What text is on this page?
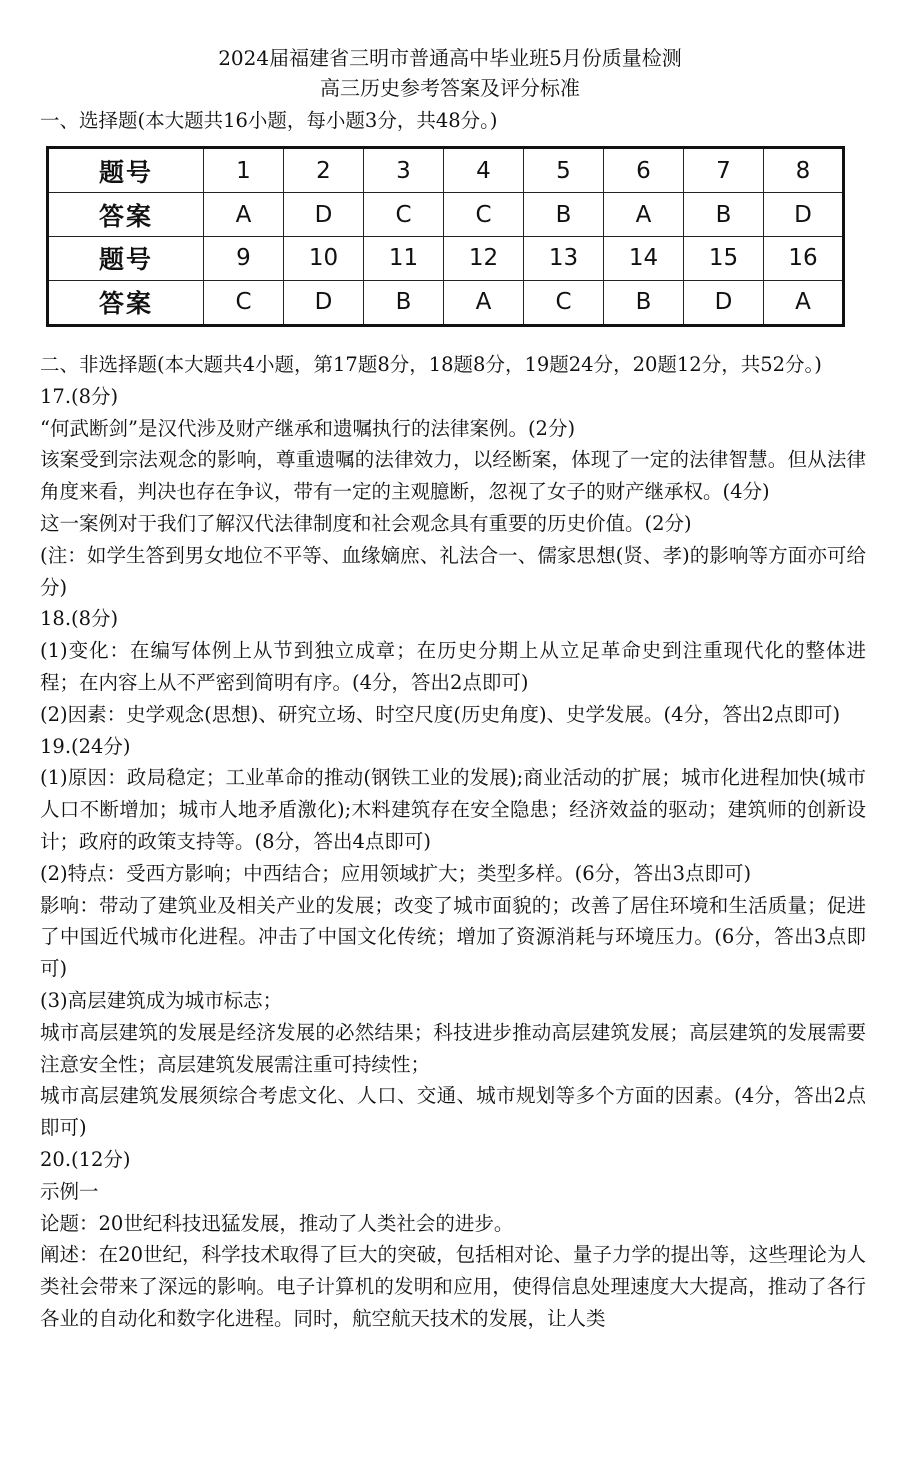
2024届福建省三明市普通高中毕业班5月份质量检测
高三历史参考答案及评分标准
一、选择题(本大题共16小题，每小题3分，共48分。)
题号	1	2	3	4	5	6	7	8
答案	A	D	C	C	B	A	B	D
题号	9	10	11	12	13	14	15	16
答案	C	D	B	A	C	B	D	A

二、非选择题(本大题共4小题，第17题8分，18题8分，19题24分，20题12分，共52分。)

17.(8分)

“何武断剑”是汉代涉及财产继承和遗嘱执行的法律案例。(2分)

该案受到宗法观念的影响，尊重遗嘱的法律效力，以经断案，体现了一定的法律智慧。但从法律角度来看，判决也存在争议，带有一定的主观臆断，忽视了女子的财产继承权。(4分)

这一案例对于我们了解汉代法律制度和社会观念具有重要的历史价值。(2分)

(注：如学生答到男女地位不平等、血缘嫡庶、礼法合一、儒家思想(贤、孝)的影响等方面亦可给分)

18.(8分)

(1)变化：在编写体例上从节到独立成章；在历史分期上从立足革命史到注重现代化的整体进程；在内容上从不严密到简明有序。(4分，答出2点即可)

(2)因素：史学观念(思想)、研究立场、时空尺度(历史角度)、史学发展。(4分，答出2点即可)

19.(24分)

(1)原因：政局稳定；工业革命的推动(钢铁工业的发展);商业活动的扩展；城市化进程加快(城市人口不断增加；城市人地矛盾激化);木料建筑存在安全隐患；经济效益的驱动；建筑师的创新设计；政府的政策支持等。(8分，答出4点即可)

(2)特点：受西方影响；中西结合；应用领域扩大；类型多样。(6分，答出3点即可)

影响：带动了建筑业及相关产业的发展；改变了城市面貌的；改善了居住环境和生活质量；促进了中国近代城市化进程。冲击了中国文化传统；增加了资源消耗与环境压力。(6分，答出3点即可)

(3)高层建筑成为城市标志；

城市高层建筑的发展是经济发展的必然结果；科技进步推动高层建筑发展；高层建筑的发展需要注意安全性；高层建筑发展需注重可持续性；

城市高层建筑发展须综合考虑文化、人口、交通、城市规划等多个方面的因素。(4分，答出2点即可)

20.(12分)

示例一

论题：20世纪科技迅猛发展，推动了人类社会的进步。

阐述：在20世纪，科学技术取得了巨大的突破，包括相对论、量子力学的提出等，这些理论为人类社会带来了深远的影响。电子计算机的发明和应用，使得信息处理速度大大提高，推动了各行各业的自动化和数字化进程。同时，航空航天技术的发展，让人类
